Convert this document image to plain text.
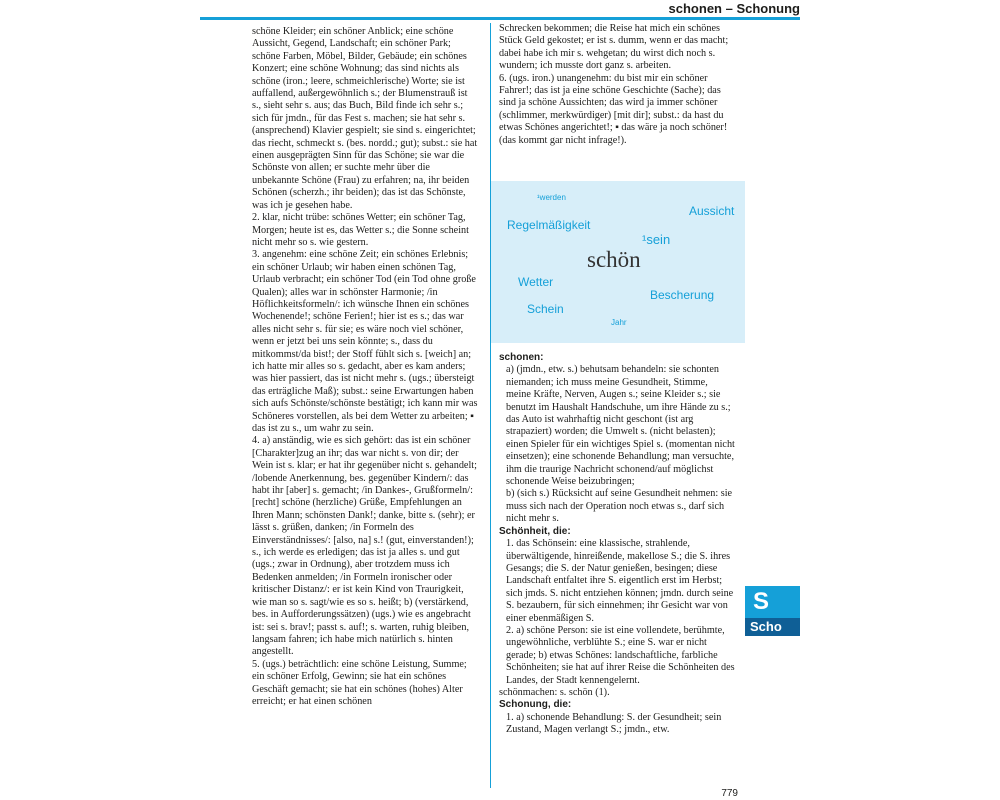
schonen – Schonung

schöne Kleider; ein schöner Anblick; eine schöne Aussicht, Gegend, Landschaft; ein schöner Park; schöne Farben, Möbel, Bilder, Gebäude; ein schönes Konzert; eine schöne Wohnung; das sind nichts als schöne (iron.; leere, schmeichlerische) Worte; sie ist auffallend, außergewöhnlich s.; der Blumenstrauß ist s., sieht sehr s. aus; das Buch, Bild finde ich sehr s.; sich für jmdn., für das Fest s. machen; sie hat sehr s. (ansprechend) Klavier gespielt; sie sind s. eingerichtet; das riecht, schmeckt s. (bes. nordd.; gut); subst.: sie hat einen ausgeprägten Sinn für das Schöne; sie war die Schönste von allen; er suchte mehr über die unbekannte Schöne (Frau) zu erfahren; na, ihr beiden Schönen (scherzh.; ihr beiden); das ist das Schönste, was ich je gesehen habe.

2. klar, nicht trübe: schönes Wetter; ein schöner Tag, Morgen; heute ist es, das Wetter s.; die Sonne scheint nicht mehr so s. wie gestern.

3. angenehm: eine schöne Zeit; ein schönes Erlebnis; ein schöner Urlaub; wir haben einen schönen Tag, Urlaub verbracht; ein schöner Tod (ein Tod ohne große Qualen); alles war in schönster Harmonie; /in Höflichkeitsformeln/: ich wünsche Ihnen ein schönes Wochenende!; schöne Ferien!; hier ist es s.; das war alles nicht sehr s. für sie; es wäre noch viel schöner, wenn er jetzt bei uns sein könnte; s., dass du mitkommst/da bist!; der Stoff fühlt sich s. [weich] an; ich hatte mir alles so s. gedacht, aber es kam anders; was hier passiert, das ist nicht mehr s. (ugs.; übersteigt das erträgliche Maß); subst.: seine Erwartungen haben sich aufs Schönste/schönste bestätigt; ich kann mir was Schöneres vorstellen, als bei dem Wetter zu arbeiten; ▪ das ist zu s., um wahr zu sein.

4. a) anständig, wie es sich gehört: das ist ein schöner [Charakter]zug an ihr; das war nicht s. von dir; der Wein ist s. klar; er hat ihr gegenüber nicht s. gehandelt; /lobende Anerkennung, bes. gegenüber Kindern/: das habt ihr [aber] s. gemacht; /in Dankes-, Grußformeln/: [recht] schöne (herzliche) Grüße, Empfehlungen an Ihren Mann; schönsten Dank!; danke, bitte s. (sehr); er lässt s. grüßen, danken; /in Formeln des Einverständnisses/: [also, na] s.! (gut, einverstanden!); s., ich werde es erledigen; das ist ja alles s. und gut (ugs.; zwar in Ordnung), aber trotzdem muss ich Bedenken anmelden; /in Formeln ironischer oder kritischer Distanz/: er ist kein Kind von Traurigkeit, wie man so s. sagt/wie es so s. heißt; b) (verstärkend, bes. in Aufforderungssätzen) (ugs.) wie es angebracht ist: sei s. brav!; passt s. auf!; s. warten, ruhig bleiben, langsam fahren; ich habe mich natürlich s. hinten angestellt.

5. (ugs.) beträchtlich: eine schöne Leistung, Summe; ein schöner Erfolg, Gewinn; sie hat ein schönes Geschäft gemacht; sie hat ein schönes (hohes) Alter erreicht; er hat einen schönen

Schrecken bekommen; die Reise hat mich ein schönes Stück Geld gekostet; er ist s. dumm, wenn er das macht; dabei habe ich mir s. wehgetan; du wirst dich noch s. wundern; ich musste dort ganz s. arbeiten.

6. (ugs. iron.) unangenehm: du bist mir ein schöner Fahrer!; das ist ja eine schöne Geschichte (Sache); das sind ja schöne Aussichten; das wird ja immer schöner (schlimmer, merkwürdiger) [mit dir]; subst.: da hast du etwas Schönes angerichtet!; ▪ das wäre ja noch schöner! (das kommt gar nicht infrage!).

¹werden
Aussicht
Regelmäßigkeit
¹sein
schön
Wetter
Bescherung
Schein
Jahr

schonen:

a) (jmdn., etw. s.) behutsam behandeln: sie schonten niemanden; ich muss meine Gesundheit, Stimme, meine Kräfte, Nerven, Augen s.; seine Kleider s.; sie benutzt im Haushalt Handschuhe, um ihre Hände zu s.; das Auto ist wahrhaftig nicht geschont (ist arg strapaziert) worden; die Umwelt s. (nicht belasten); einen Spieler für ein wichtiges Spiel s. (momentan nicht einsetzen); eine schonende Behandlung; man versuchte, ihm die traurige Nachricht schonend/auf möglichst schonende Weise beizubringen;

b) (sich s.) Rücksicht auf seine Gesundheit nehmen: sie muss sich nach der Operation noch etwas s., darf sich nicht mehr s.

Schönheit, die:

1. das Schönsein: eine klassische, strahlende, überwältigende, hinreißende, makellose S.; die S. ihres Gesangs; die S. der Natur genießen, besingen; diese Landschaft entfaltet ihre S. eigentlich erst im Herbst; sich jmds. S. nicht entziehen können; jmdn. durch seine S. bezaubern, für sich einnehmen; ihr Gesicht war von einer ebenmäßigen S.

2. a) schöne Person: sie ist eine vollendete, berühmte, ungewöhnliche, verblühte S.; eine S. war er nicht gerade; b) etwas Schönes: landschaftliche, farbliche Schönheiten; sie hat auf ihrer Reise die Schönheiten des Landes, der Stadt kennengelernt.

schönmachen: s. schön (1).

Schonung, die:

1. a) schonende Behandlung: S. der Gesundheit; sein Zustand, Magen verlangt S.; jmdn., etw.

S
Scho
779
